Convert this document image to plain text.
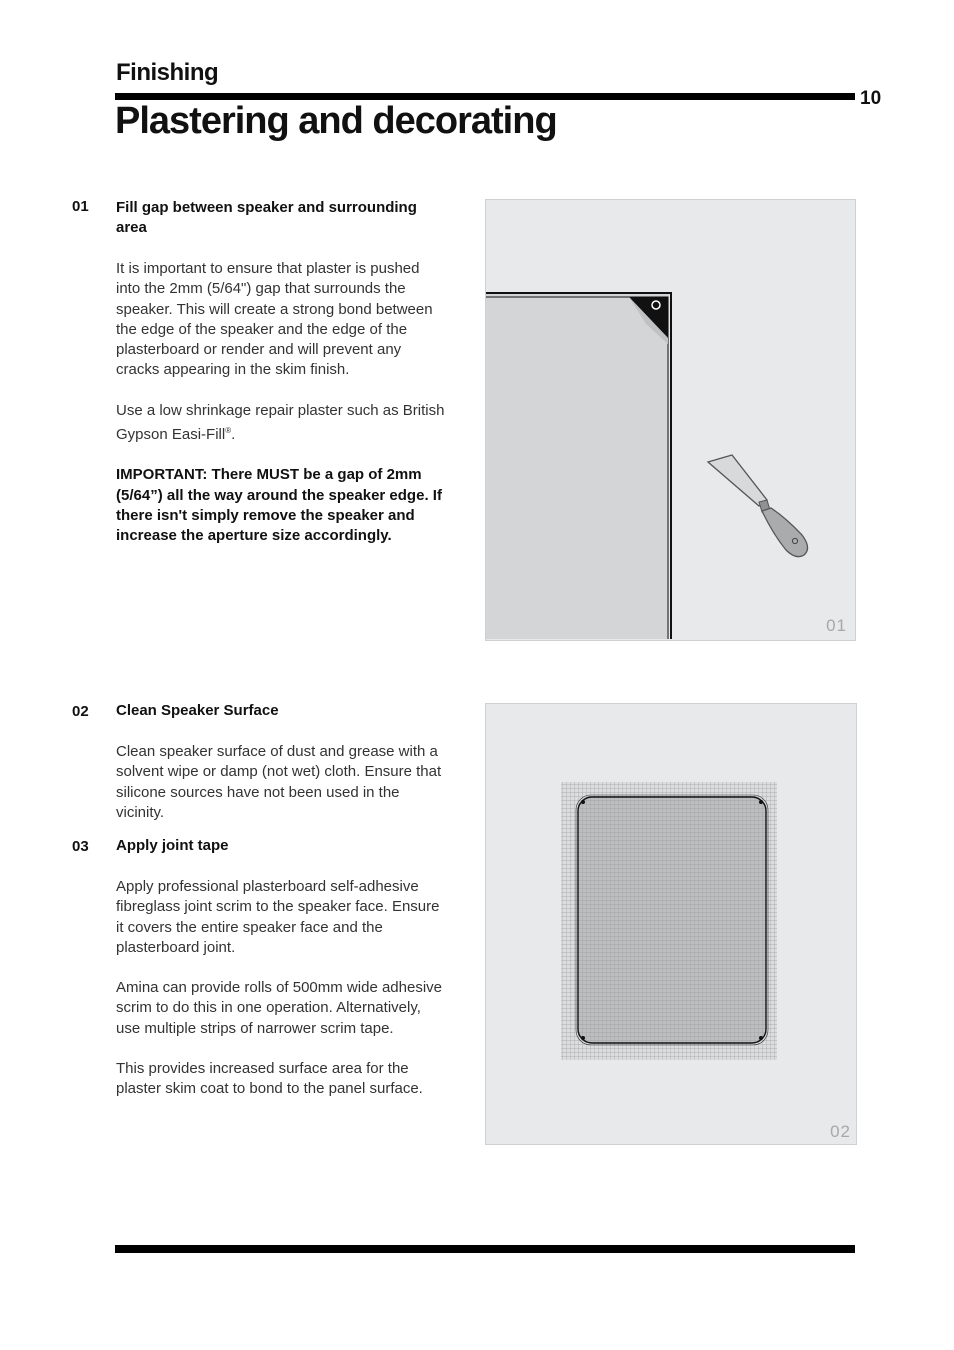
Finishing
10
Plastering and decorating
01 Fill gap between speaker and surrounding area

It is important to ensure that plaster is pushed into the 2mm (5/64") gap that surrounds the speaker. This will create a strong bond between the edge of the speaker and the edge of the plasterboard or render and will prevent any cracks appearing in the skim finish.

Use a low shrinkage repair plaster such as British Gypson Easi-Fill®.

IMPORTANT: There MUST be a gap of 2mm (5/64”) all the way around the speaker edge. If there isn't simply remove the speaker and increase the aperture size accordingly.

01
02 Clean Speaker Surface

Clean speaker surface of dust and grease with a solvent wipe or damp (not wet) cloth. Ensure that silicone sources have not been used in the vicinity.

03 Apply joint tape

Apply professional plasterboard self-adhesive fibreglass joint scrim to the speaker face. Ensure it covers the entire speaker face and the plasterboard joint.

Amina can provide rolls of 500mm wide adhesive scrim to do this in one operation. Alternatively, use multiple strips of narrower scrim tape.

This provides increased surface area for the plaster skim coat to bond to the panel surface.

02
